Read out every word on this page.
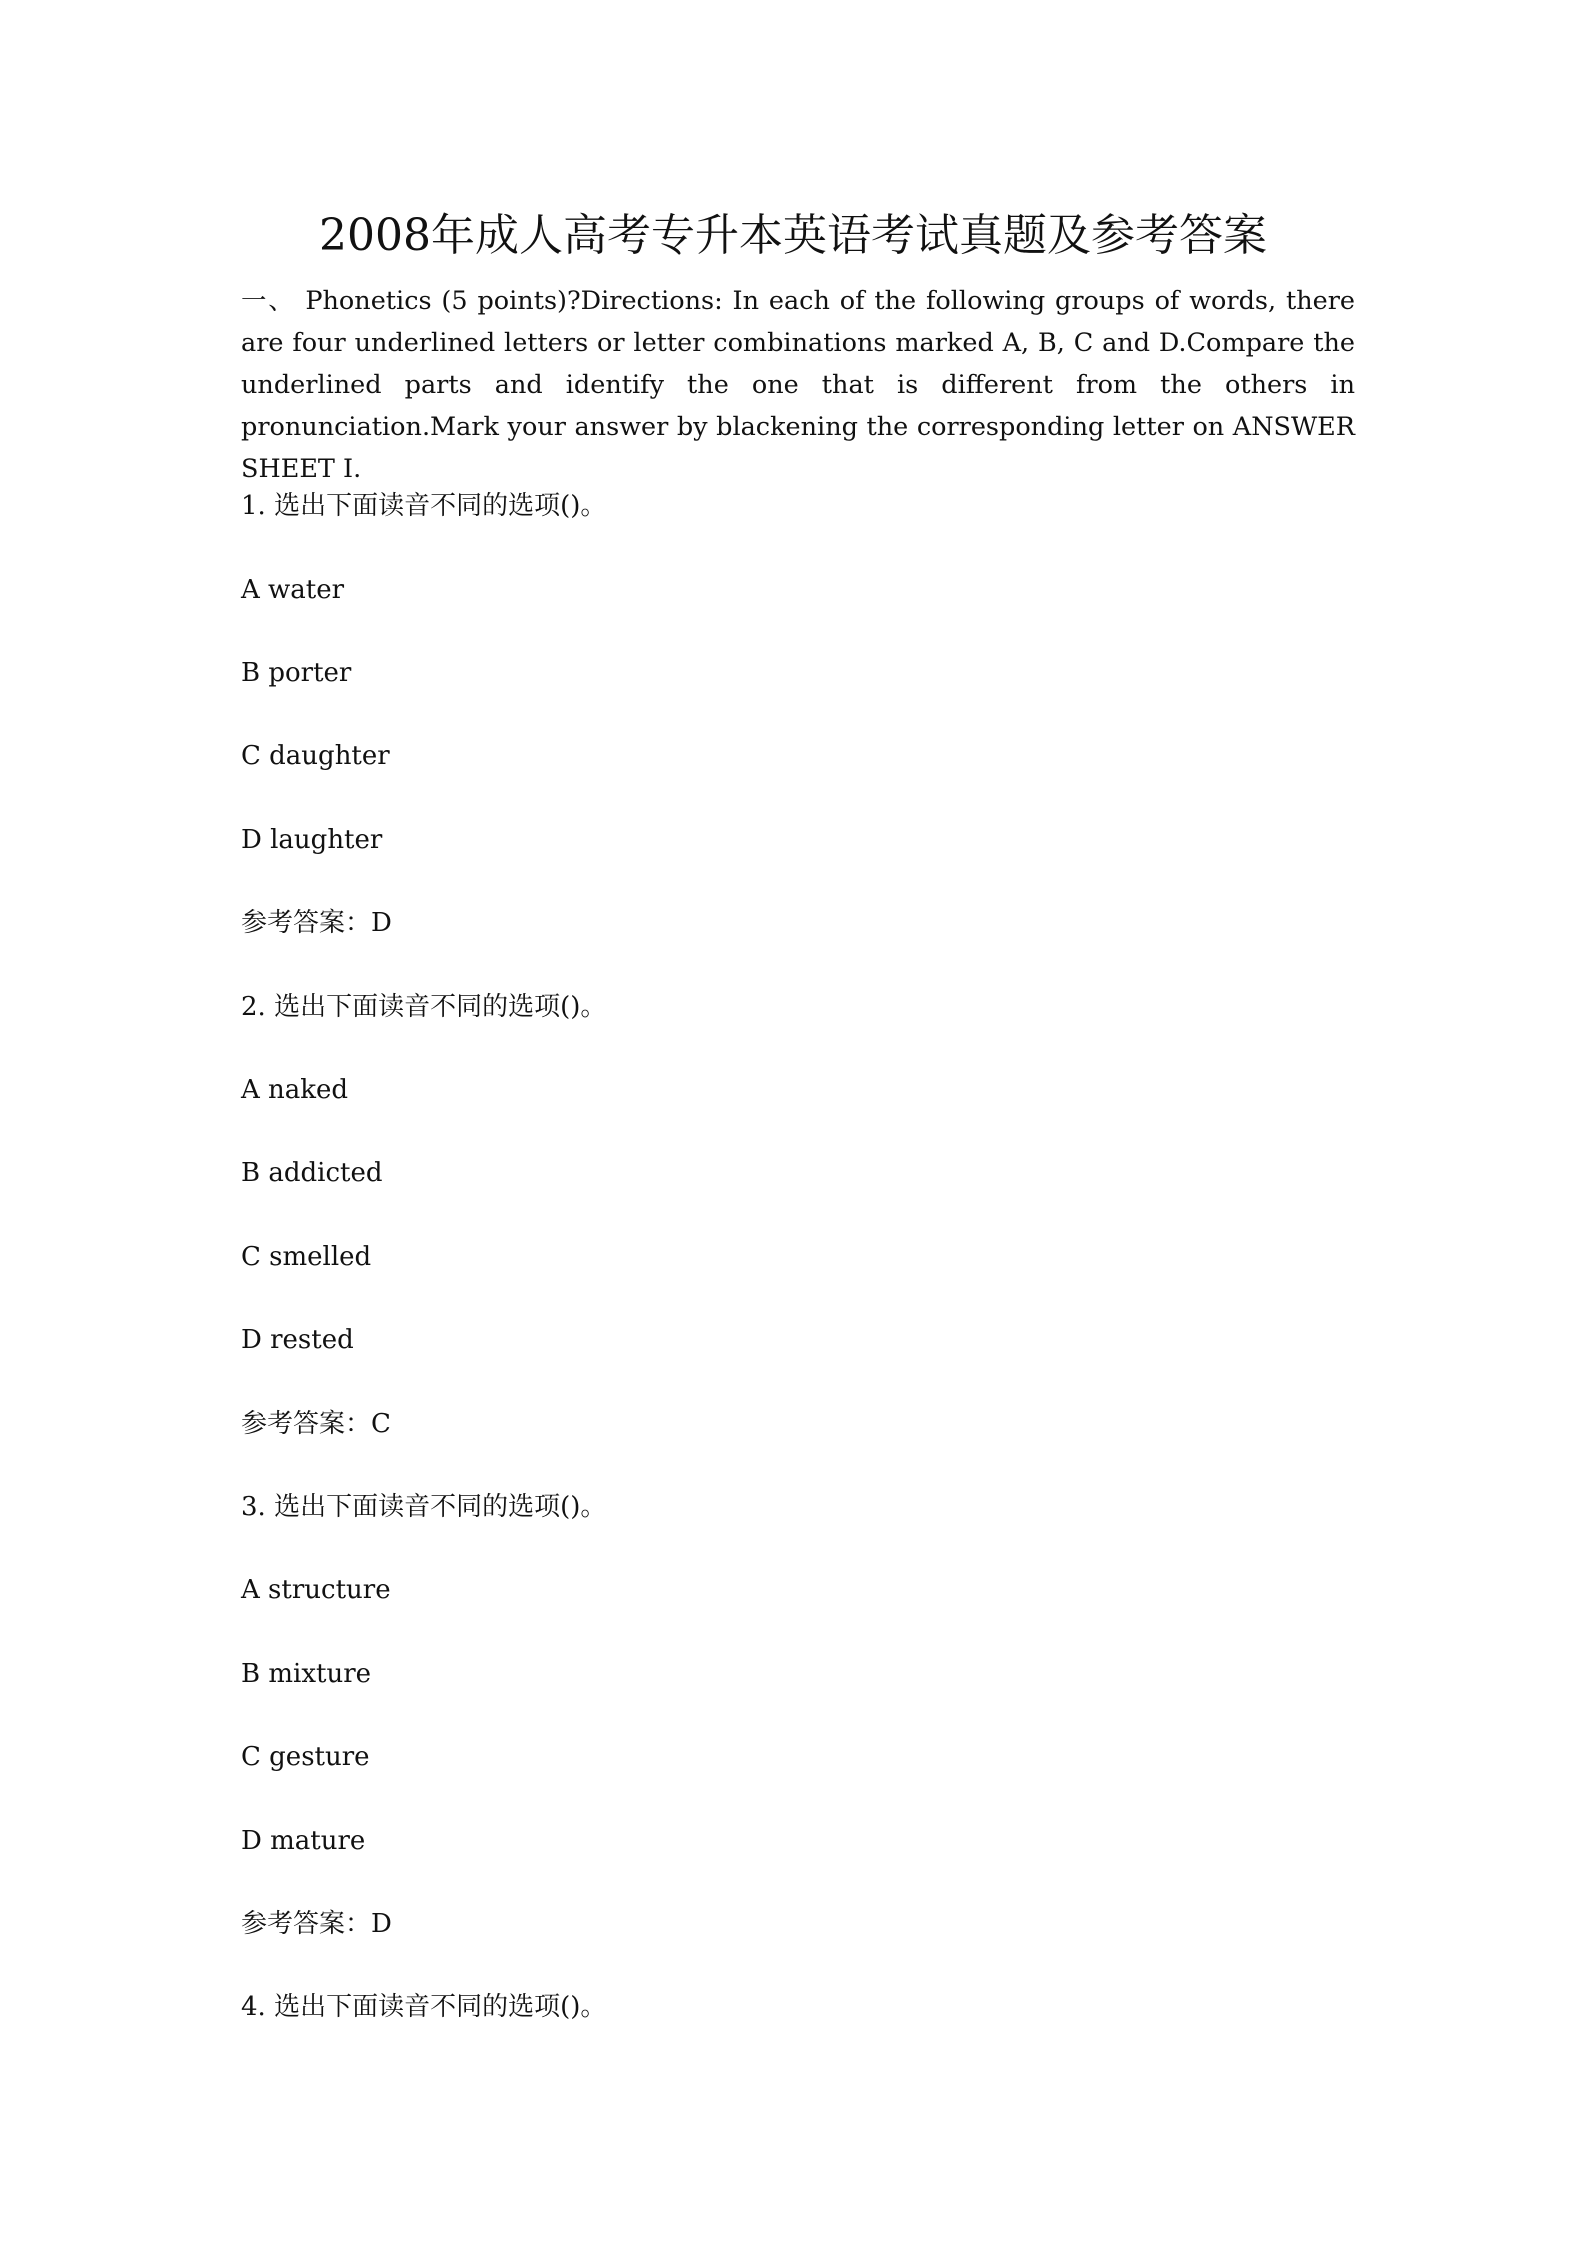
2008年成人高考专升本英语考试真题及参考答案

一、 Phonetics (5 points)?Directions: In each of the following groups of words, there are four underlined letters or letter combinations marked A, B, C and D.Compare the underlined parts and identify the one that is different from the others in pronunciation.Mark your answer by blackening the corresponding letter on ANSWER SHEET Ⅰ.

1. 选出下面读音不同的选项()。

A water

B porter

C daughter

D laughter

参考答案：D

2. 选出下面读音不同的选项()。

A naked

B addicted

C smelled

D rested

参考答案：C

3. 选出下面读音不同的选项()。

A structure

B mixture

C gesture

D mature

参考答案：D

4. 选出下面读音不同的选项()。
